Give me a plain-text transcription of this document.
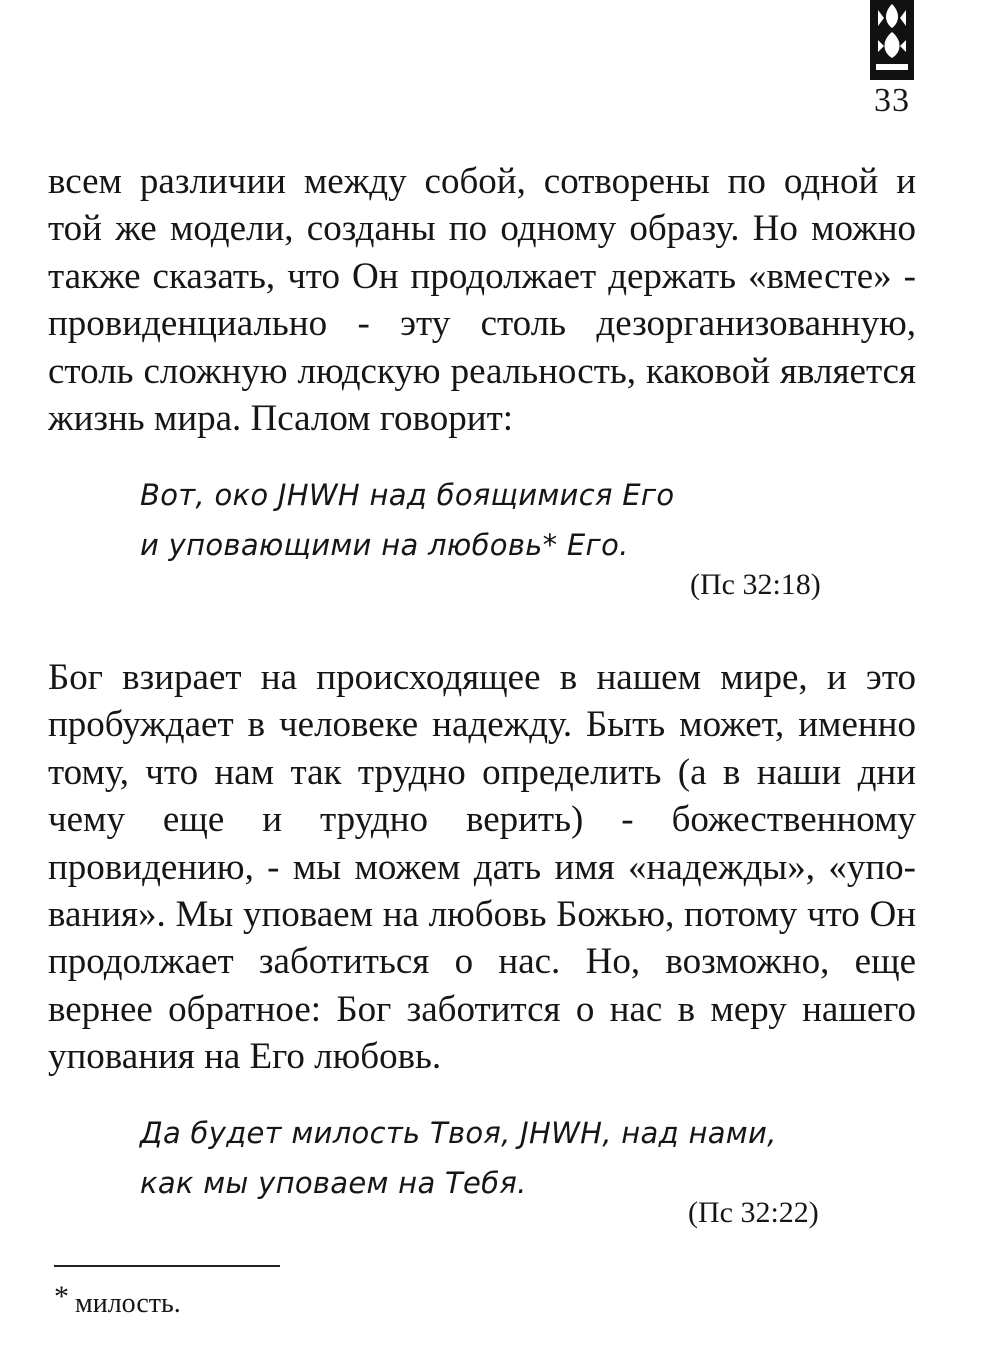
33

всем различии между собой, сотворены по одной и той же модели, созданы по одному образу. Но можно также сказать, что Он продолжает держать «вместе» - провиденциально - эту столь дезорганизованную, столь сложную людскую реальность, каковой является жизнь мира. Псалом говорит:

Вот, око JHWH над боящимися Его
и уповающими на любовь* Его.
(Пс 32:18)

Бог взирает на происходящее в нашем мире, и это пробуждает в человеке надежду. Быть может, именно тому, что нам так трудно определить (а в наши дни чему еще и трудно верить) - божественному провидению, - мы можем дать имя «надежды», «упования». Мы уповаем на любовь Божью, потому что Он продолжает заботиться о нас. Но, возможно, еще вернее обратное: Бог заботится о нас в меру нашего упования на Его любовь.

Да будет милость Твоя, JHWH, над нами,
как мы уповаем на Тебя.
(Пс 32:22)
* милость.
